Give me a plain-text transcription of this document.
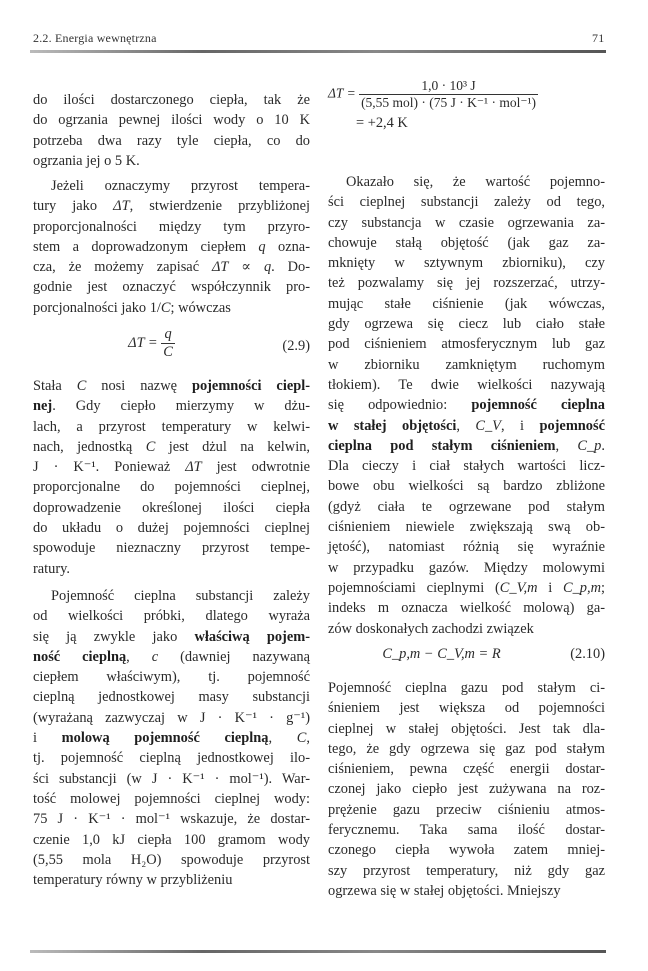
2.2. Energia wewnętrzna	71
do ilości dostarczonego ciepła, tak że
do ogrzania pewnej ilości wody o 10 K
potrzeba dwa razy tyle ciepła, co do
ogrzania jej o 5 K.
Jeżeli oznaczymy przyrost tempera-
tury jako ΔT, stwierdzenie przybliżonej
proporcjonalności między tym przyro-
stem a doprowadzonym ciepłem q ozna-
cza, że możemy zapisać ΔT ∝ q. Do-
godnie jest oznaczyć współczynnik pro-
porcjonalności jako 1/C; wówczas
$\Delta T = \frac{q}{C}$	(2.9)
Stała C nosi nazwę pojemności ciepl-
nej. Gdy ciepło mierzymy w dżu-
lach, a przyrost temperatury w kelwi-
nach, jednostką C jest dżul na kelwin,
J · K⁻¹. Ponieważ ΔT jest odwrotnie
proporcjonalne do pojemności cieplnej,
doprowadzenie określonej ilości ciepła
do układu o dużej pojemności cieplnej
spowoduje nieznaczny przyrost tempe-
ratury.
Pojemność cieplna substancji zależy
od wielkości próbki, dlatego wyraża
się ją zwykle jako właściwą pojem-
ność cieplną, c (dawniej nazywaną
ciepłem właściwym), tj. pojemność
cieplną jednostkowej masy substancji
(wyrażaną zazwyczaj w J · K⁻¹ · g⁻¹)
i molową pojemność cieplną, C,
tj. pojemność cieplną jednostkowej ilo-
ści substancji (w J · K⁻¹ · mol⁻¹). War-
tość molowej pojemności cieplnej wody:
75 J · K⁻¹ · mol⁻¹ wskazuje, że dostar-
czenie 1,0 kJ ciepła 100 gramom wody
(5,55 mola H₂O) spowoduje przyrost
temperatury równy w przybliżeniu
$\Delta T = \frac{\text{1,0 · 10³ J}}{\text{(5,55 mol) · (75 J · K⁻¹ · mol⁻¹)}}$
= +2,4 K
Okazało się, że wartość pojemno-
ści cieplnej substancji zależy od tego,
czy substancja w czasie ogrzewania za-
chowuje stałą objętość (jak gaz za-
mknięty w sztywnym zbiorniku), czy
też pozwalamy się jej rozszerzać, utrzy-
mując stałe ciśnienie (jak wówczas,
gdy ogrzewa się ciecz lub ciało stałe
pod ciśnieniem atmosferycznym lub gaz
w zbiorniku zamkniętym ruchomym
tłokiem). Te dwie wielkości nazywają
się odpowiednio: pojemność cieplna
w stałej objętości, C_V, i pojemność
cieplna pod stałym ciśnieniem, C_p.
Dla cieczy i ciał stałych wartości licz-
bowe obu wielkości są bardzo zbliżone
(gdyż ciała te ogrzewane pod stałym
ciśnieniem niewiele zwiększają swą ob-
jętość), natomiast różnią się wyraźnie
w przypadku gazów. Między molowymi
pojemnościami cieplnymi (C_V,m i C_p,m;
indeks m oznacza wielkość molową) ga-
zów doskonałych zachodzi związek
C_p,m − C_V,m = R	(2.10)
Pojemność cieplna gazu pod stałym ci-
śnieniem jest większa od pojemności
cieplnej w stałej objętości. Jest tak dla-
tego, że gdy ogrzewa się gaz pod stałym
ciśnieniem, pewna część energii dostar-
czonej jako ciepło jest zużywana na roz-
prężenie gazu przeciw ciśnieniu atmos-
ferycznemu. Taka sama ilość dostar-
czonego ciepła wywoła zatem mniej-
szy przyrost temperatury, niż gdy gaz
ogrzewa się w stałej objętości. Mniejszy
